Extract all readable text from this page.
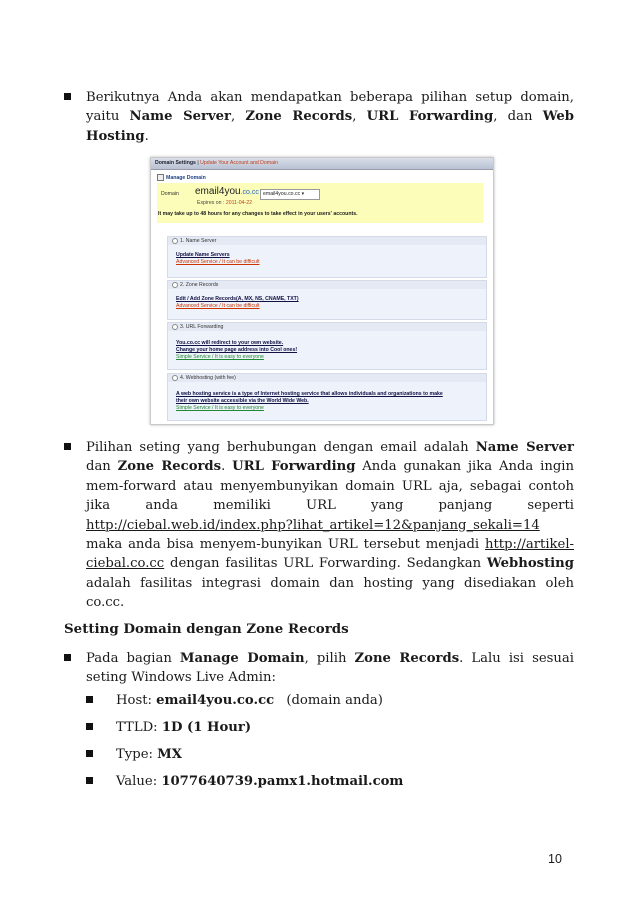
Berikutnya Anda akan mendapatkan beberapa pilihan setup domain, yaitu Name Server, Zone Records, URL Forwarding, dan Web Hosting.
Domain Settings | Update Your Account and Domain
Manage Domain
Domain email4you.co.cc email4you.co.cc ▾
Expires on : 2011-04-22
It may take up to 48 hours for any changes to take effect in your users' accounts.
1. Name Server
Update Name Servers
Advanced Service / It can be difficult
2. Zone Records
Edit / Add Zone Records(A, MX, NS, CNAME, TXT)
Advanced Service / It can be difficult
3. URL Forwarding
You.co.cc will redirect to your own website.
Change your home page address into Cool ones!
Simple Service / It is easy to everyone
4. Webhosting (with fee)
A web hosting service is a type of Internet hosting service that allows individuals and organizations to make
their own website accessible via the World Wide Web.
Simple Service / It is easy to everyone
Pilihan seting yang berhubungan dengan email adalah Name Server dan Zone Records. URL Forwarding Anda gunakan jika Anda ingin mem-forward atau menyembunyikan domain URL aja, sebagai contoh jika anda memiliki URL yang panjang seperti http://ciebal.web.id/index.php?lihat_artikel=12&panjang_sekali=14 maka anda bisa menyem-bunyikan URL tersebut menjadi http://artikel-ciebal.co.cc dengan fasilitas URL Forwarding. Sedangkan Webhosting adalah fasilitas integrasi domain dan hosting yang disediakan oleh co.cc.
Setting Domain dengan Zone Records
Pada bagian Manage Domain, pilih Zone Records. Lalu isi sesuai seting Windows Live Admin:
Host: email4you.co.cc (domain anda)
TTLD: 1D (1 Hour)
Type: MX
Value: 1077640739.pamx1.hotmail.com
10
